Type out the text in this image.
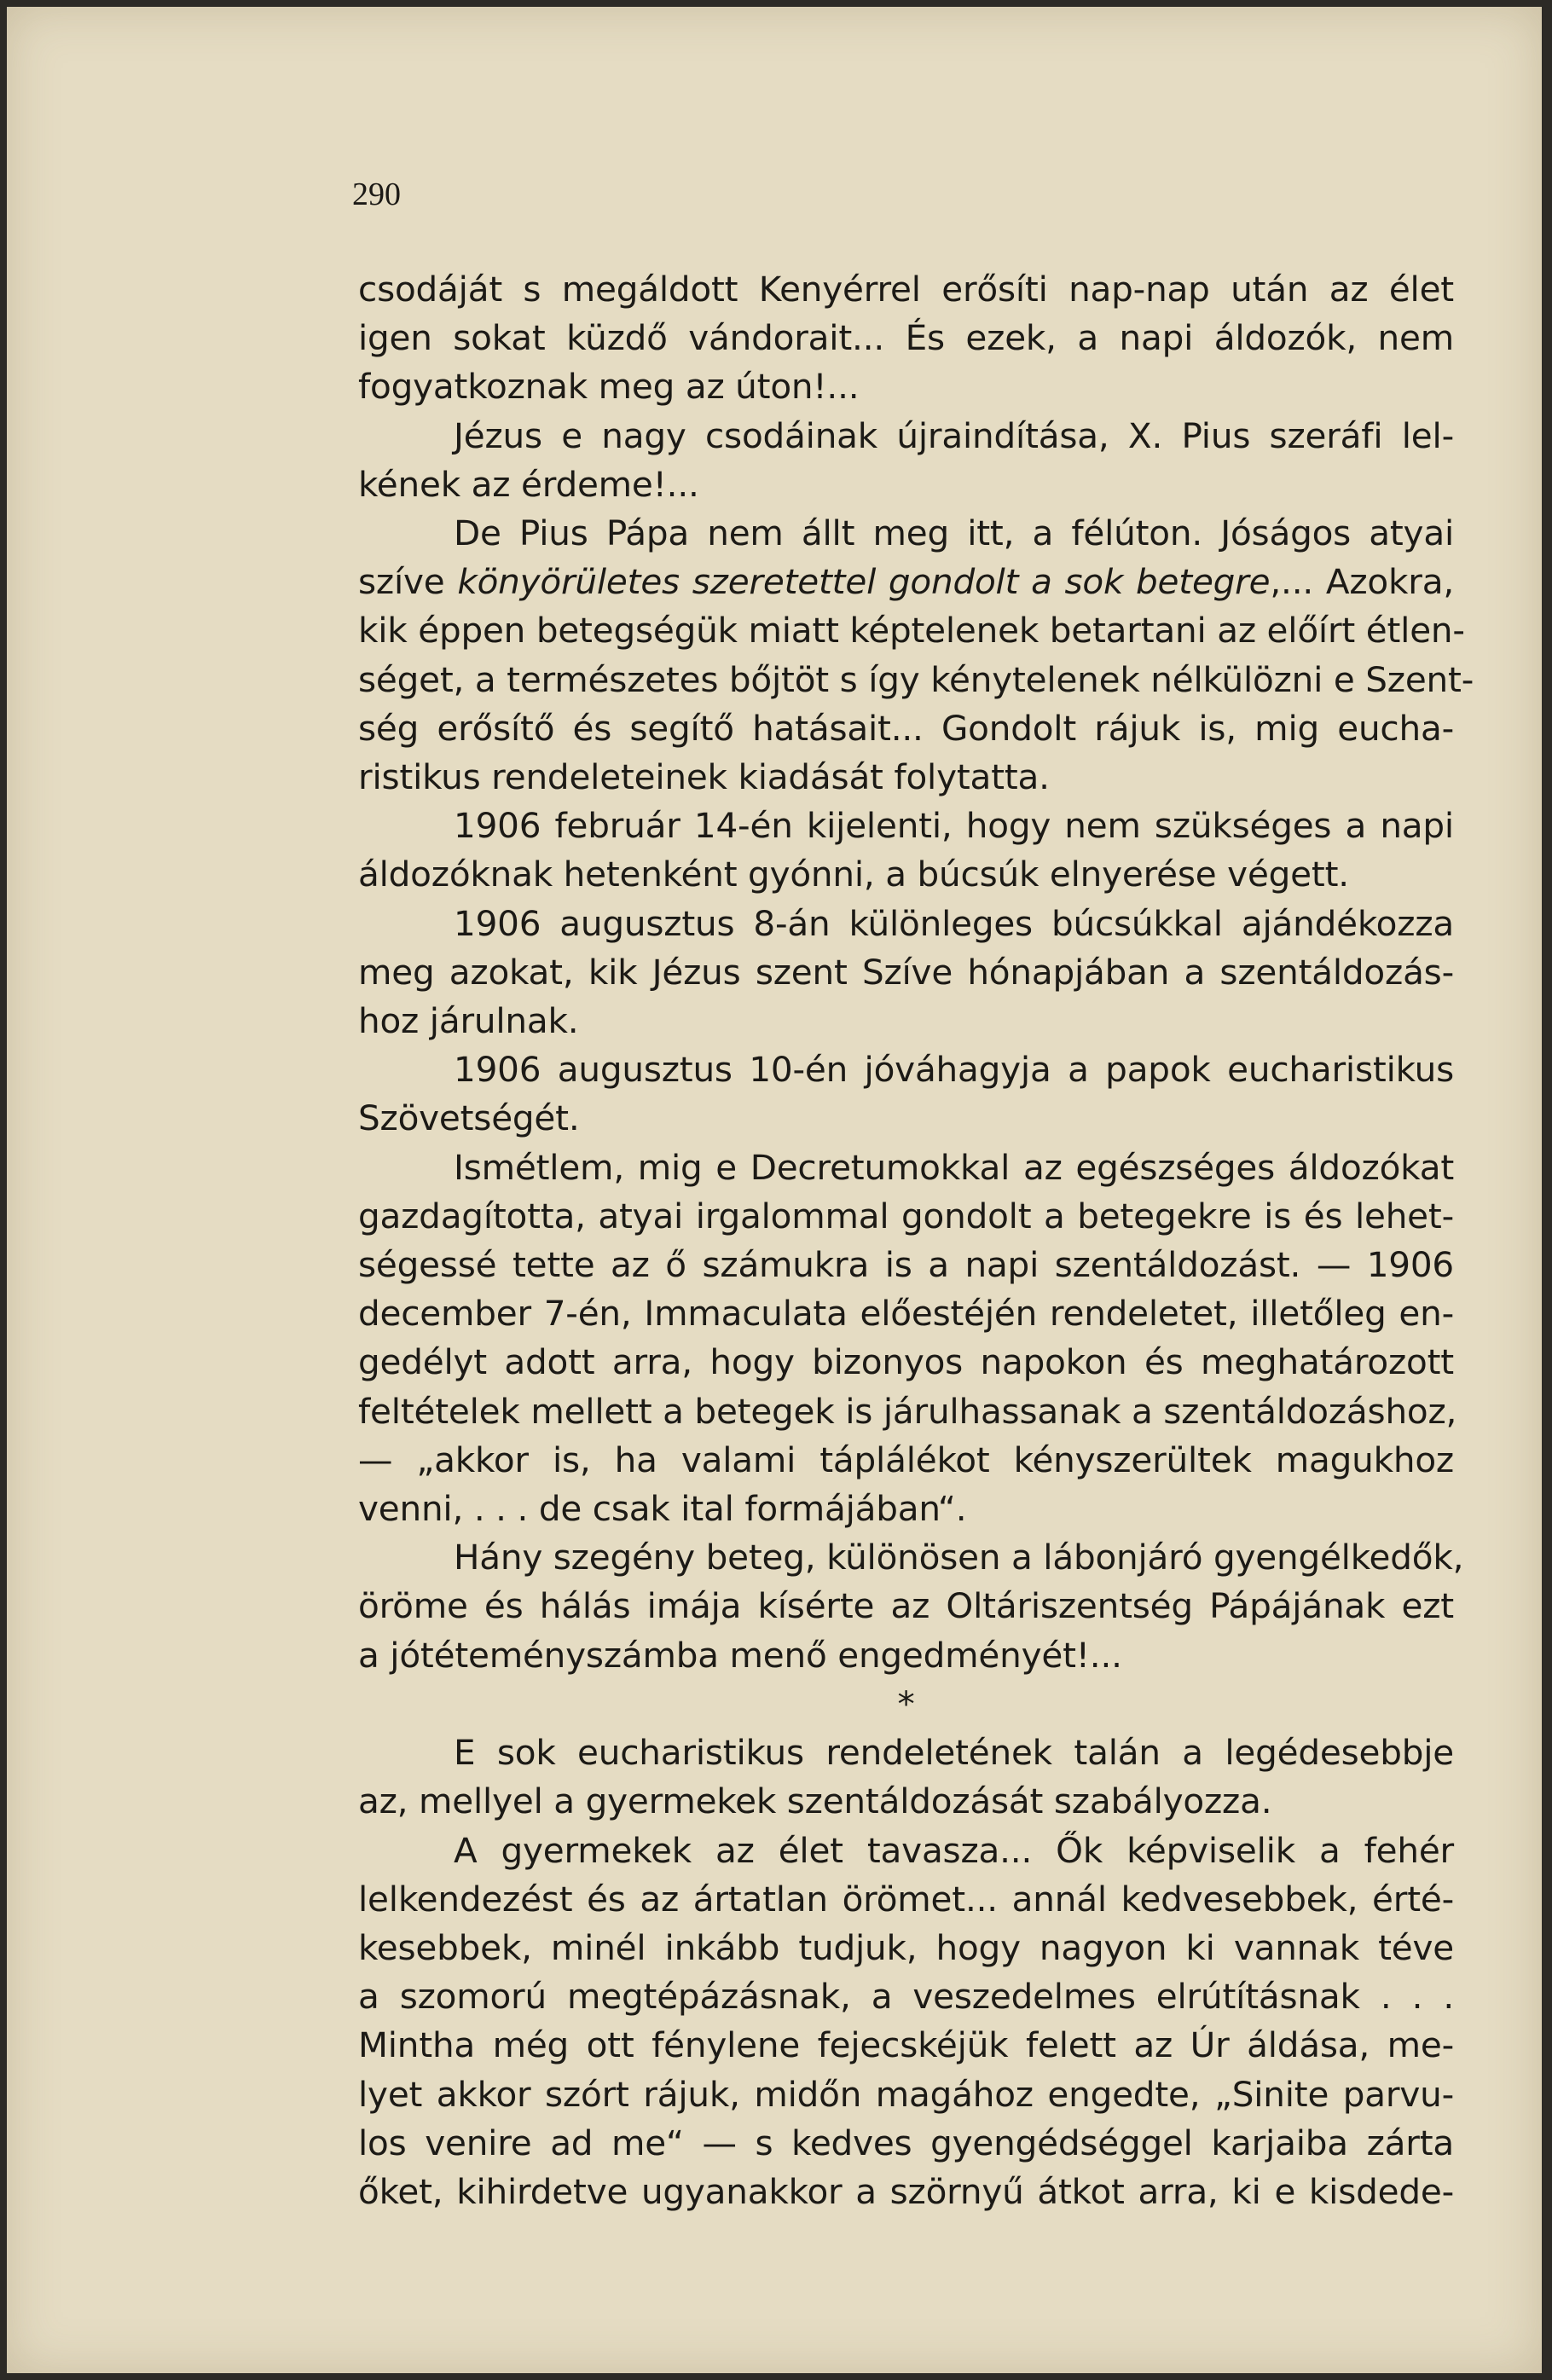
290
csodáját s megáldott Kenyérrel erősíti nap-nap után az élet
igen sokat küzdő vándorait... És ezek, a napi áldozók, nem
fogyatkoznak meg az úton!...
Jézus e nagy csodáinak újraindítása, X. Pius szeráfi lel-
kének az érdeme!...
De Pius Pápa nem állt meg itt, a félúton. Jóságos atyai
szíve könyörületes szeretettel gondolt a sok betegre,... Azokra,
kik éppen betegségük miatt képtelenek betartani az előírt étlen-
séget, a természetes bőjtöt s így kénytelenek nélkülözni e Szent-
ség erősítő és segítő hatásait... Gondolt rájuk is, mig eucha-
ristikus rendeleteinek kiadását folytatta.
1906 február 14-én kijelenti, hogy nem szükséges a napi
áldozóknak hetenként gyónni, a búcsúk elnyerése végett.
1906 augusztus 8-án különleges búcsúkkal ajándékozza
meg azokat, kik Jézus szent Szíve hónapjában a szentáldozás-
hoz járulnak.
1906 augusztus 10-én jóváhagyja a papok eucharistikus
Szövetségét.
Ismétlem, mig e Decretumokkal az egészséges áldozókat
gazdagította, atyai irgalommal gondolt a betegekre is és lehet-
ségessé tette az ő számukra is a napi szentáldozást. — 1906
december 7-én, Immaculata előestéjén rendeletet, illetőleg en-
gedélyt adott arra, hogy bizonyos napokon és meghatározott
feltételek mellett a betegek is járulhassanak a szentáldozáshoz,
— „akkor is, ha valami táplálékot kényszerültek magukhoz
venni, . . . de csak ital formájában“.
Hány szegény beteg, különösen a lábonjáró gyengélkedők,
öröme és hálás imája kísérte az Oltáriszentség Pápájának ezt
a jótéteményszámba menő engedményét!...
*
E sok eucharistikus rendeletének talán a legédesebbje
az, mellyel a gyermekek szentáldozását szabályozza.
A gyermekek az élet tavasza... Ők képviselik a fehér
lelkendezést és az ártatlan örömet... annál kedvesebbek, érté-
kesebbek, minél inkább tudjuk, hogy nagyon ki vannak téve
a szomorú megtépázásnak, a veszedelmes elrútításnak . . .
Mintha még ott fénylene fejecskéjük felett az Úr áldása, me-
lyet akkor szórt rájuk, midőn magához engedte, „Sinite parvu-
los venire ad me“ — s kedves gyengédséggel karjaiba zárta
őket, kihirdetve ugyanakkor a szörnyű átkot arra, ki e kisdede-
